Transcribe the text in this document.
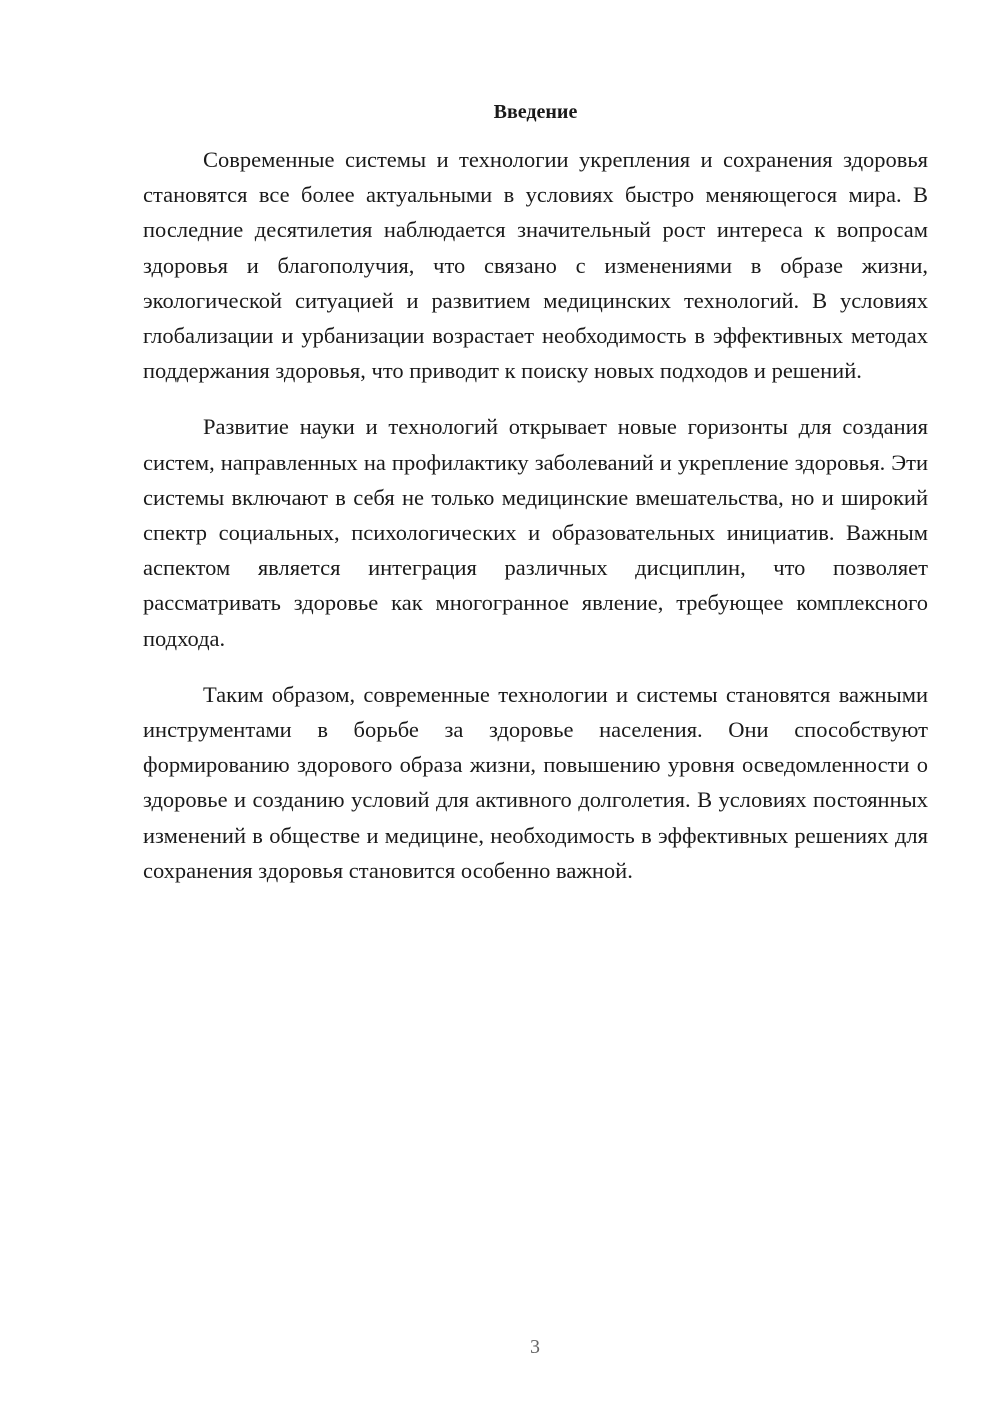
Введение

Современные системы и технологии укрепления и сохранения здоровья становятся все более актуальными в условиях быстро меняющегося мира. В последние десятилетия наблюдается значительный рост интереса к вопросам здоровья и благополучия, что связано с изменениями в образе жизни, экологической ситуацией и развитием медицинских технологий. В условиях глобализации и урбанизации возрастает необходимость в эффективных методах поддержания здоровья, что приводит к поиску новых подходов и решений.

Развитие науки и технологий открывает новые горизонты для создания систем, направленных на профилактику заболеваний и укрепление здоровья. Эти системы включают в себя не только медицинские вмешательства, но и широкий спектр социальных, психологических и образовательных инициатив. Важным аспектом является интеграция различных дисциплин, что позволяет рассматривать здоровье как многогранное явление, требующее комплексного подхода.

Таким образом, современные технологии и системы становятся важными инструментами в борьбе за здоровье населения. Они способствуют формированию здорового образа жизни, повышению уровня осведомленности о здоровье и созданию условий для активного долголетия. В условиях постоянных изменений в обществе и медицине, необходимость в эффективных решениях для сохранения здоровья становится особенно важной.

3
